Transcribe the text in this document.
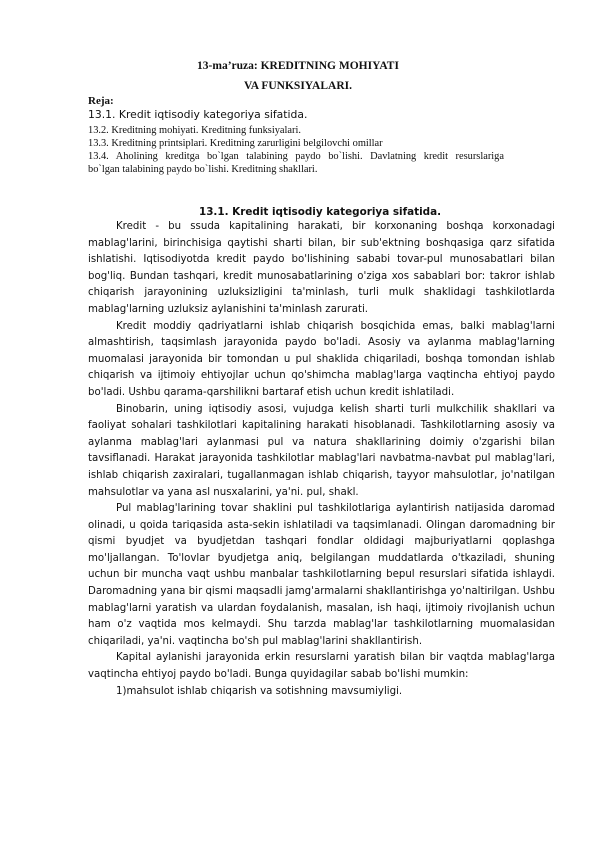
13-ma’ruza: KREDITNING MOHIYATI
VA FUNKSIYALARI.
Reja:
13.1. Kredit iqtisodiy kategoriya sifatida.
13.2. Kreditning mohiyati. Kreditning funksiyalari.
13.3. Kreditning printsiplari. Kreditning zarurligini belgilovchi omillar
13.4. Aholining kreditga bo`lgan talabining paydo bo`lishi. Davlatning kredit resurslariga
bo`lgan talabining paydo bo`lishi. Kreditning shakllari.
13.1. Kredit iqtisodiy kategoriya sifatida.

Kredit - bu ssuda kapitalining harakati, bir korxonaning boshqa korxonadagi mablag'larini, birinchisiga qaytishi sharti bilan, bir sub'ektning boshqasiga qarz sifatida ishlatishi. Iqtisodiyotda kredit paydo bo'lishining sababi tovar-pul munosabatlari bilan bog'liq. Bundan tashqari, kredit munosabatlarining o'ziga xos sabablari bor: takror ishlab chiqarish jarayonining uzluksizligini ta'minlash, turli mulk shaklidagi tashkilotlarda mablag'larning uzluksiz aylanishini ta'minlash zarurati.

Kredit moddiy qadriyatlarni ishlab chiqarish bosqichida emas, balki mablag'larni almashtirish, taqsimlash jarayonida paydo bo'ladi. Asosiy va aylanma mablag'larning muomalasi jarayonida bir tomondan u pul shaklida chiqariladi, boshqa tomondan ishlab chiqarish va ijtimoiy ehtiyojlar uchun qo'shimcha mablag'larga vaqtincha ehtiyoj paydo bo'ladi. Ushbu qarama-qarshilikni bartaraf etish uchun kredit ishlatiladi.

Binobarin, uning iqtisodiy asosi, vujudga kelish sharti turli mulkchilik shakllari va faoliyat sohalari tashkilotlari kapitalining harakati hisoblanadi. Tashkilotlarning asosiy va aylanma mablag'lari aylanmasi pul va natura shakllarining doimiy o'zgarishi bilan tavsiflanadi. Harakat jarayonida tashkilotlar mablag'lari navbatma-navbat pul mablag'lari, ishlab chiqarish zaxiralari, tugallanmagan ishlab chiqarish, tayyor mahsulotlar, jo'natilgan mahsulotlar va yana asl nusxalarini, ya'ni. pul, shakl.

Pul mablag'larining tovar shaklini pul tashkilotlariga aylantirish natijasida daromad olinadi, u qoida tariqasida asta-sekin ishlatiladi va taqsimlanadi. Olingan daromadning bir qismi byudjet va byudjetdan tashqari fondlar oldidagi majburiyatlarni qoplashga mo'ljallangan. To'lovlar byudjetga aniq, belgilangan muddatlarda o'tkaziladi, shuning uchun bir muncha vaqt ushbu manbalar tashkilotlarning bepul resurslari sifatida ishlaydi. Daromadning yana bir qismi maqsadli jamg'armalarni shakllantirishga yo'naltirilgan. Ushbu mablag'larni yaratish va ulardan foydalanish, masalan, ish haqi, ijtimoiy rivojlanish uchun ham o'z vaqtida mos kelmaydi. Shu tarzda mablag'lar tashkilotlarning muomalasidan chiqariladi, ya'ni. vaqtincha bo'sh pul mablag'larini shakllantirish.

Kapital aylanishi jarayonida erkin resurslarni yaratish bilan bir vaqtda mablag'larga vaqtincha ehtiyoj paydo bo'ladi. Bunga quyidagilar sabab bo'lishi mumkin:

1)mahsulot ishlab chiqarish va sotishning mavsumiyligi.
